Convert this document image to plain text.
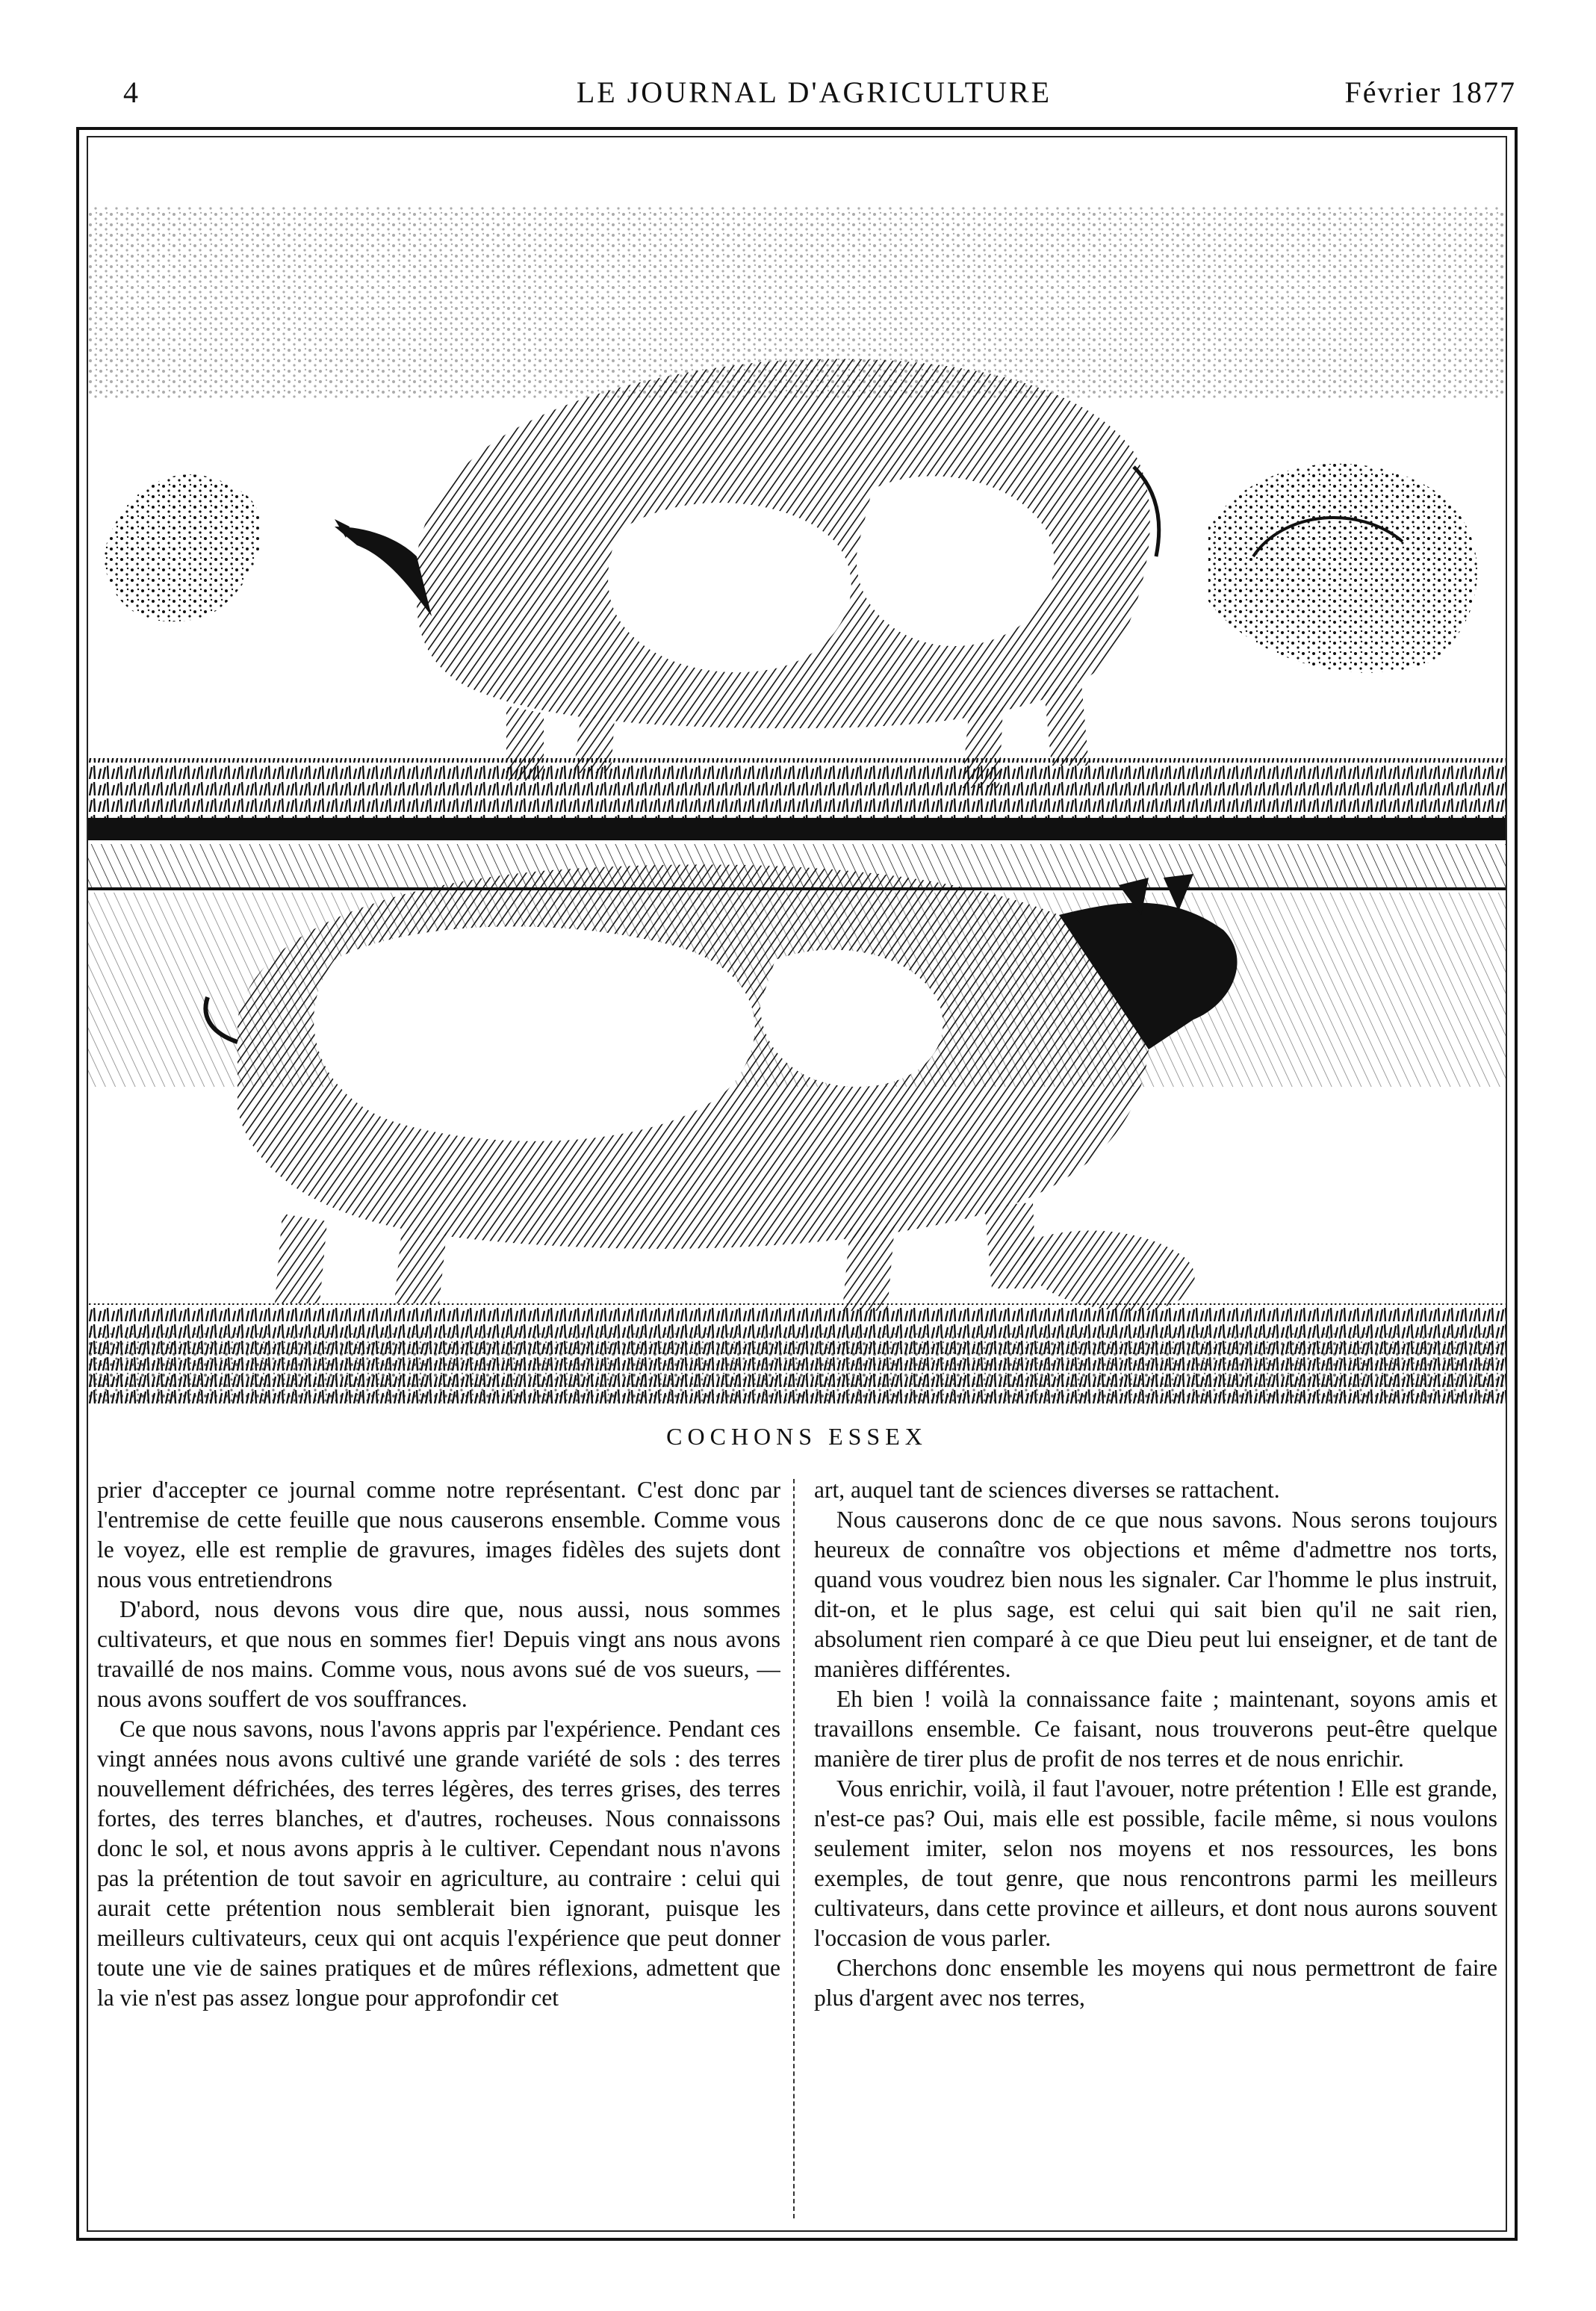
4	LE JOURNAL D'AGRICULTURE	Février 1877
COCHONS ESSEX

prier d'accepter ce journal comme notre représentant. C'est donc par l'entremise de cette feuille que nous causerons ensemble. Comme vous le voyez, elle est remplie de gravures, images fidèles des sujets dont nous vous entretiendrons

D'abord, nous devons vous dire que, nous aussi, nous sommes cultivateurs, et que nous en sommes fier! Depuis vingt ans nous avons travaillé de nos mains. Comme vous, nous avons sué de vos sueurs, —nous avons souffert de vos souffrances.

Ce que nous savons, nous l'avons appris par l'expérience. Pendant ces vingt années nous avons cultivé une grande variété de sols : des terres nouvellement défrichées, des terres légères, des terres grises, des terres fortes, des terres blanches, et d'autres, rocheuses. Nous connaissons donc le sol, et nous avons appris à le cultiver. Cependant nous n'avons pas la prétention de tout savoir en agriculture, au contraire : celui qui aurait cette prétention nous semblerait bien ignorant, puisque les meilleurs cultivateurs, ceux qui ont acquis l'expérience que peut donner toute une vie de saines pratiques et de mûres réflexions, admettent que la vie n'est pas assez longue pour approfondir cet

art, auquel tant de sciences diverses se rattachent.

Nous causerons donc de ce que nous savons. Nous serons toujours heureux de connaître vos objections et même d'admettre nos torts, quand vous voudrez bien nous les signaler. Car l'homme le plus instruit, dit-on, et le plus sage, est celui qui sait bien qu'il ne sait rien, absolument rien comparé à ce que Dieu peut lui enseigner, et de tant de manières différentes.

Eh bien ! voilà la connaissance faite ; maintenant, soyons amis et travaillons ensemble. Ce faisant, nous trouverons peut-être quelque manière de tirer plus de profit de nos terres et de nous enrichir.

Vous enrichir, voilà, il faut l'avouer, notre prétention ! Elle est grande, n'est-ce pas? Oui, mais elle est possible, facile même, si nous voulons seulement imiter, selon nos moyens et nos ressources, les bons exemples, de tout genre, que nous rencontrons parmi les meilleurs cultivateurs, dans cette province et ailleurs, et dont nous aurons souvent l'occasion de vous parler.

Cherchons donc ensemble les moyens qui nous permettront de faire plus d'argent avec nos terres,
